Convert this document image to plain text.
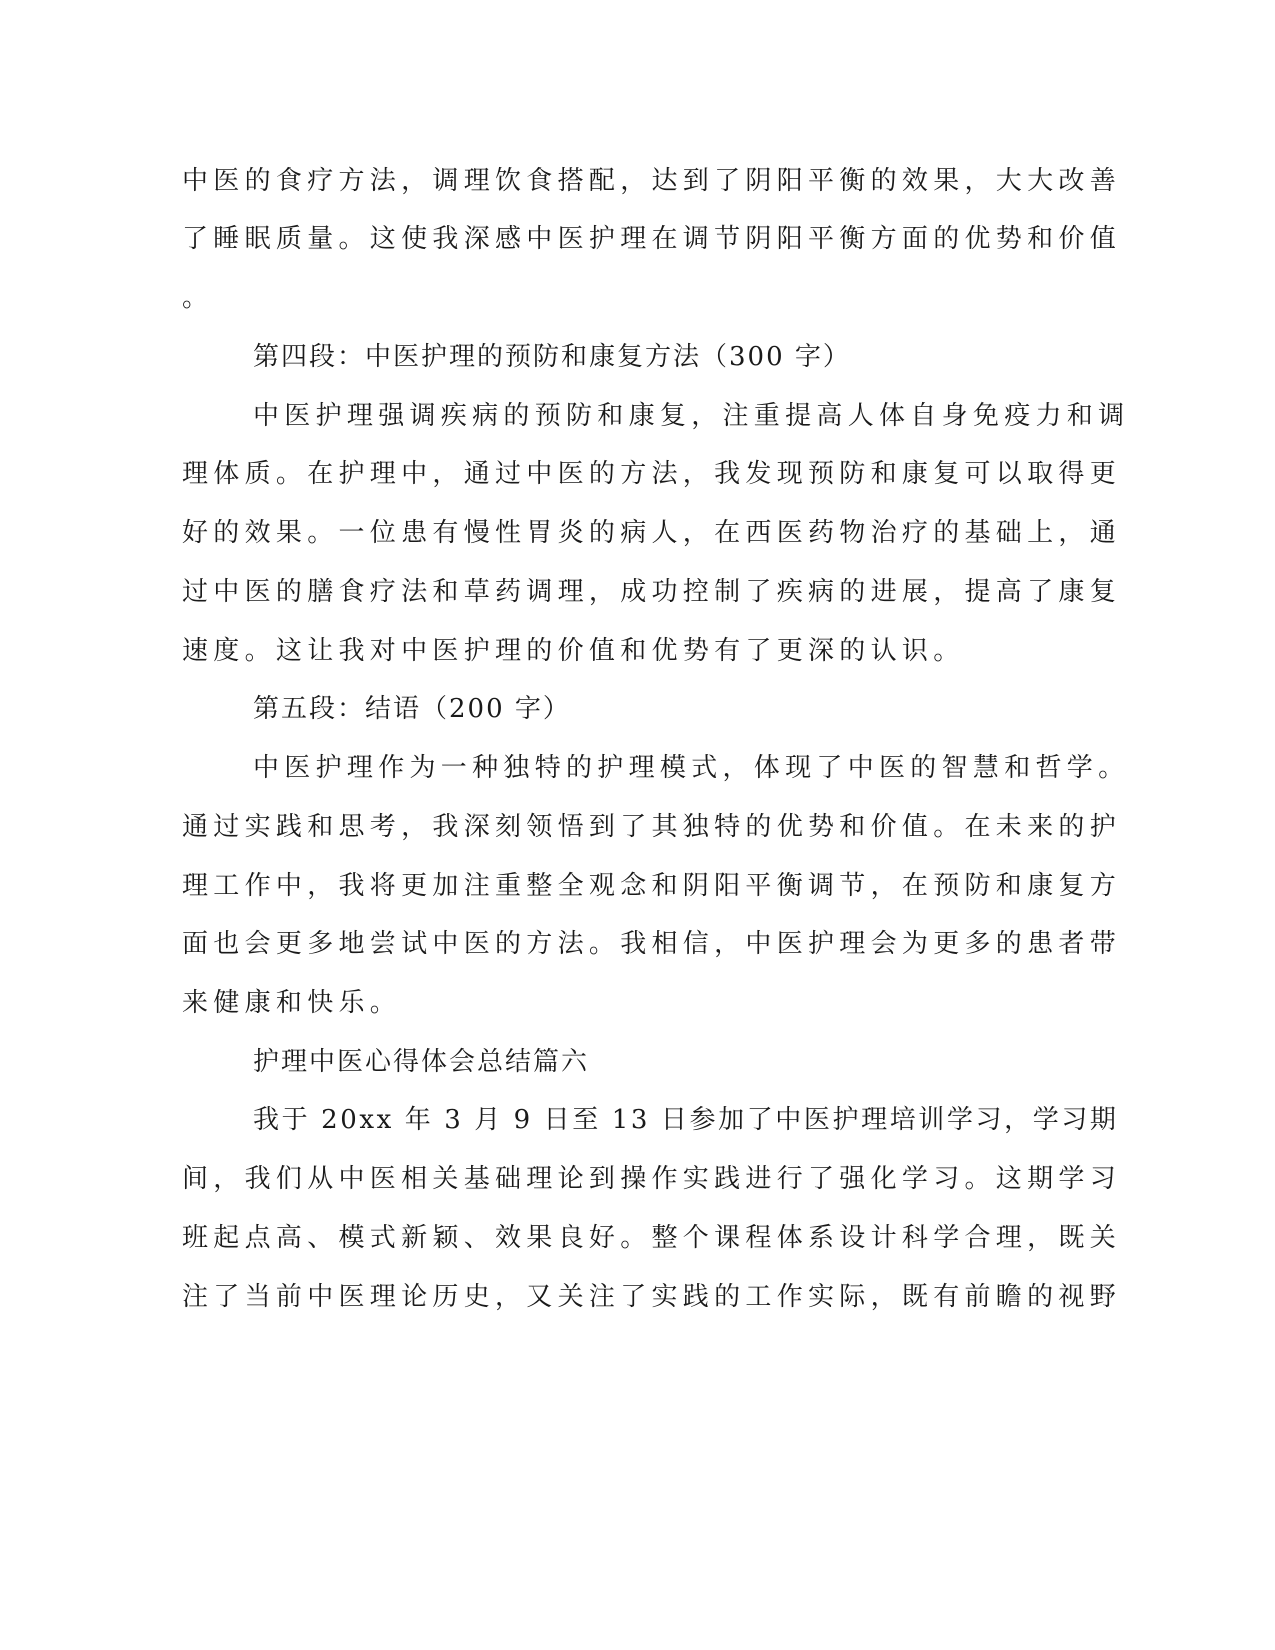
中医的食疗方法，调理饮食搭配，达到了阴阳平衡的效果，大大改善
了睡眠质量。这使我深感中医护理在调节阴阳平衡方面的优势和价值
。
第四段：中医护理的预防和康复方法（300 字）
中医护理强调疾病的预防和康复，注重提高人体自身免疫力和调
理体质。在护理中，通过中医的方法，我发现预防和康复可以取得更
好的效果。一位患有慢性胃炎的病人，在西医药物治疗的基础上，通
过中医的膳食疗法和草药调理，成功控制了疾病的进展，提高了康复
速度。这让我对中医护理的价值和优势有了更深的认识。
第五段：结语（200 字）
中医护理作为一种独特的护理模式，体现了中医的智慧和哲学。
通过实践和思考，我深刻领悟到了其独特的优势和价值。在未来的护
理工作中，我将更加注重整全观念和阴阳平衡调节，在预防和康复方
面也会更多地尝试中医的方法。我相信，中医护理会为更多的患者带
来健康和快乐。
护理中医心得体会总结篇六
我于 20xx 年 3 月 9 日至 13 日参加了中医护理培训学习，学习期
间，我们从中医相关基础理论到操作实践进行了强化学习。这期学习
班起点高、模式新颖、效果良好。整个课程体系设计科学合理，既关
注了当前中医理论历史，又关注了实践的工作实际，既有前瞻的视野
